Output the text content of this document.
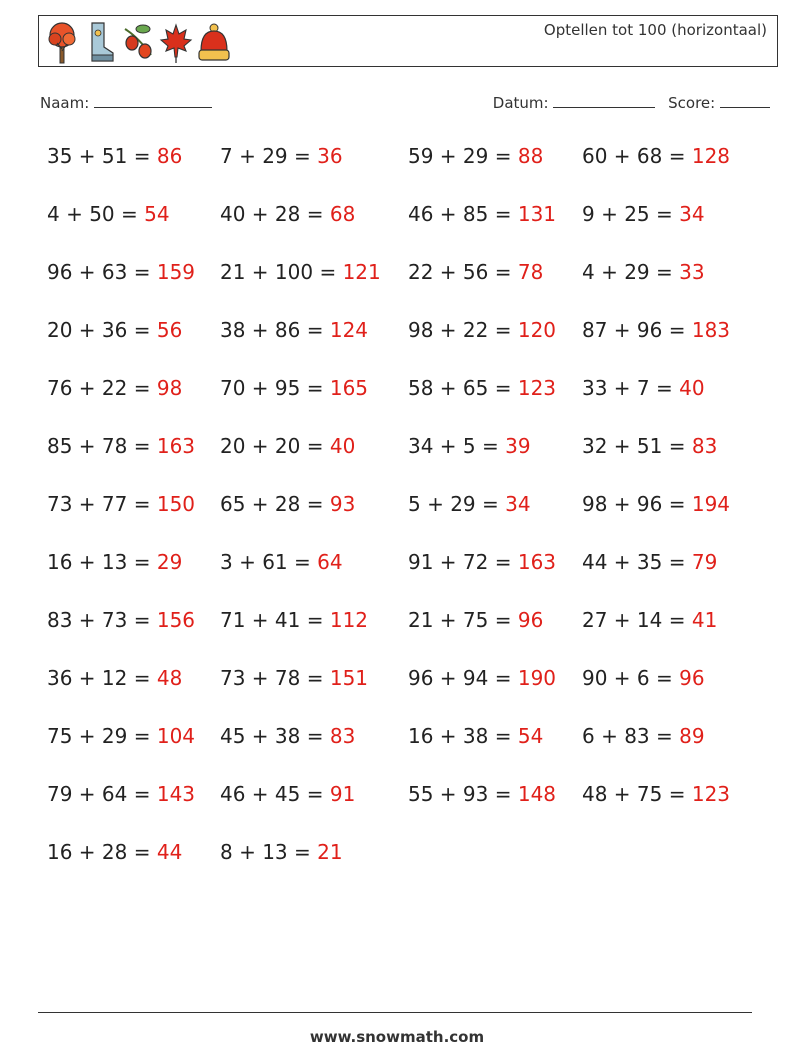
Optellen tot 100 (horizontaal)
Naam:	Datum:	Score:
35 + 51 = 86 7 + 29 = 36	59 + 29 = 88 60 + 68 = 128
4 + 50 = 54	40 + 28 = 68	46 + 85 = 131 9 + 25 = 34
96 + 63 = 159 21 + 100 = 121 22 + 56 = 78 4 + 29 = 33
20 + 36 = 56 38 + 86 = 124 98 + 22 = 120 87 + 96 = 183
76 + 22 = 98 70 + 95 = 165 58 + 65 = 123 33 + 7 = 40
85 + 78 = 163 20 + 20 = 40	34 + 5 = 39	32 + 51 = 83
73 + 77 = 150 65 + 28 = 93	5 + 29 = 34	98 + 96 = 194
16 + 13 = 29 3 + 61 = 64	91 + 72 = 163 44 + 35 = 79
83 + 73 = 156 71 + 41 = 112 21 + 75 = 96 27 + 14 = 41
36 + 12 = 48 73 + 78 = 151 96 + 94 = 190 90 + 6 = 96
75 + 29 = 104 45 + 38 = 83	16 + 38 = 54 6 + 83 = 89
79 + 64 = 143 46 + 45 = 91	55 + 93 = 148 48 + 75 = 123
16 + 28 = 44 8 + 13 = 21
www.snowmath.com
